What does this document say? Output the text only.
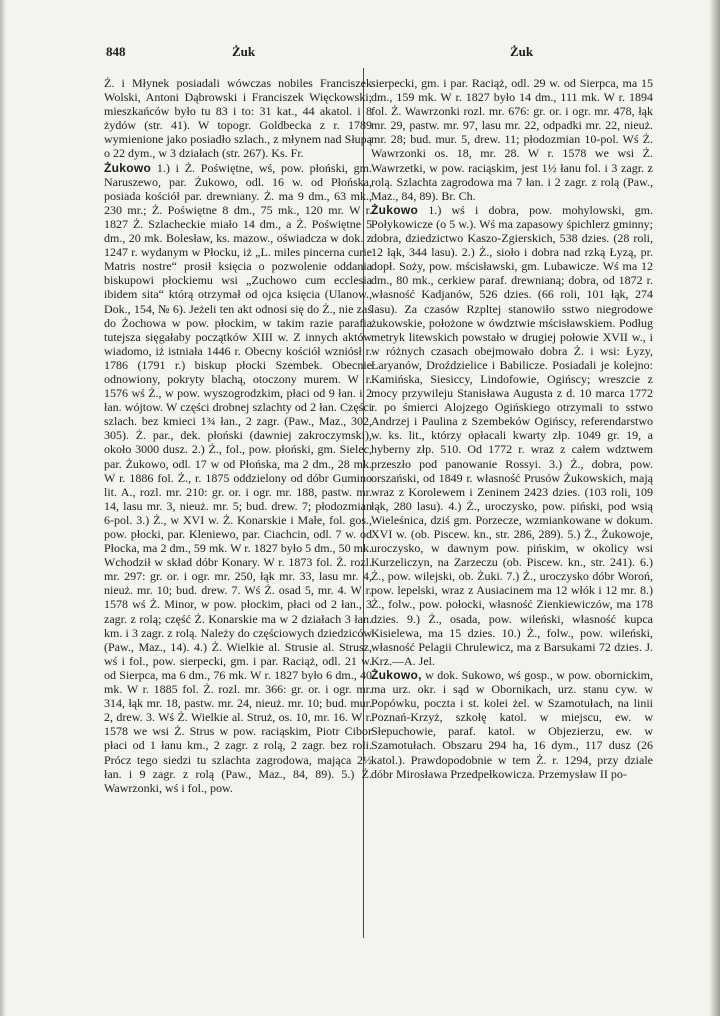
848	Żuk	Żuk

Ż. i Młynek posiadali wówczas nobiles Franciszek Wolski, Antoni Dąbrowski i Franciszek Więckowski; mieszkańców było tu 83 i to: 31 kat., 44 akatol. i 8 żydów (str. 41). W topogr. Goldbecka z r. 1789 wymienione jako posiadło szlach., z młynem nad Słupą o 22 dym., w 3 działach (str. 267). Ks. Fr.

Żukowo 1.) i Ż. Poświętne, wś, pow. płoński, gm. Naruszewo, par. Żukowo, odl. 16 w. od Płońska, posiada kościół par. drewniany. Ż. ma 9 dm., 63 mk., 230 mr.; Ż. Poświętne 8 dm., 75 mk., 120 mr. W r. 1827 Ż. Szlacheckie miało 14 dm., a Ż. Poświętne 5 dm., 20 mk. Bolesław, ks. mazow., oświadcza w dok. z 1247 r. wydanym w Płocku, iż „L. miles pincerna curie Matris nostre“ prosił księcia o pozwolenie oddania biskupowi płockiemu wsi „Zuchowo cum ecclesia ibidem sita“ którą otrzymał od ojca księcia (Ulanow., Dok., 154, № 6). Jeżeli ten akt odnosi się do Ż., nie zaś do Żochowa w pow. płockim, w takim razie parafia tutejsza sięgałaby początków XIII w. Z innych aktów wiadomo, iż istniała 1446 r. Obecny kościół wzniósł r. 1786 (1791 r.) biskup płocki Szembek. Obecnie odnowiony, pokryty blachą, otoczony murem. W r. 1576 wś Ż., w pow. wyszogrodzkim, płaci od 9 łan. i 2 łan. wójtow. W części drobnej szlachty od 2 łan. Części szlach. bez kmieci 1¾ łan., 2 zagr. (Paw., Maz., 302, 305). Ż. par., dek. płoński (dawniej zakroczymski), około 3000 dusz. 2.) Ż., fol., pow. płoński, gm. Sielec, par. Żukowo, odl. 17 w od Płońska, ma 2 dm., 28 mk. W r. 1886 fol. Ż., r. 1875 oddzielony od dóbr Gumino lit. A., rozl. mr. 210: gr. or. i ogr. mr. 188, pastw. mr. 14, lasu mr. 3, nieuż. mr. 5; bud. drew. 7; płodozmian 6-pol. 3.) Ż., w XVI w. Ż. Konarskie i Małe, fol. gos., pow. płocki, par. Kleniewo, par. Ciachcin, odl. 7 w. od Płocka, ma 2 dm., 59 mk. W r. 1827 było 5 dm., 50 mk. Wchodził w skład dóbr Konary. W r. 1873 fol. Ż. rozl. mr. 297: gr. or. i ogr. mr. 250, łąk mr. 33, lasu mr. 4, nieuż. mr. 10; bud. drew. 7. Wś Ż. osad 5, mr. 4. W r. 1578 wś Ż. Minor, w pow. płockim, płaci od 2 łan., 3 zagr. z rolą; część Ż. Konarskie ma w 2 działach 3 łan. km. i 3 zagr. z rolą. Należy do częściowych dziedziców (Paw., Maz., 14). 4.) Ż. Wielkie al. Strusie al. Strusz, wś i fol., pow. sierpecki, gm. i par. Raciąż, odl. 21 w. od Sierpca, ma 6 dm., 76 mk. W r. 1827 było 6 dm., 40 mk. W r. 1885 fol. Ż. rozl. mr. 366: gr. or. i ogr. mr. 314, łąk mr. 18, pastw. mr. 24, nieuż. mr. 10; bud. mur. 2, drew. 3. Wś Ż. Wielkie al. Struż, os. 10, mr. 16. W r. 1578 we wsi Ż. Strus w pow. raciąskim, Piotr Cibor płaci od 1 łanu km., 2 zagr. z rolą, 2 zagr. bez roli. Prócz tego siedzi tu szlachta zagrodowa, mająca 2½ łan. i 9 zagr. z rolą (Paw., Maz., 84, 89). 5.) Ż. Wawrzonki, wś i fol., pow.

sierpecki, gm. i par. Raciąż, odl. 29 w. od Sierpca, ma 15 dm., 159 mk. W r. 1827 było 14 dm., 111 mk. W r. 1894 fol. Ż. Wawrzonki rozl. mr. 676: gr. or. i ogr. mr. 478, łąk mr. 29, pastw. mr. 97, lasu mr. 22, odpadki mr. 22, nieuż. mr. 28; bud. mur. 5, drew. 11; płodozmian 10-pol. Wś Ż. Wawrzonki os. 18, mr. 28. W r. 1578 we wsi Ż. Wawrzetki, w pow. raciąskim, jest 1½ łanu fol. i 3 zagr. z rolą. Szlachta zagrodowa ma 7 łan. i 2 zagr. z rolą (Paw., Maz., 84, 89). Br. Ch.

Żukowo 1.) wś i dobra, pow. mohylowski, gm. Połykowicze (o 5 w.). Wś ma zapasowy śpichlerz gminny; dobra, dziedzictwo Kaszo-Zgierskich, 538 dzies. (28 roli, 12 łąk, 344 lasu). 2.) Ż., sioło i dobra nad rzką Łyzą, pr. dopł. Soży, pow. mścisławski, gm. Lubawicze. Wś ma 12 dm., 80 mk., cerkiew paraf. drewnianą; dobra, od 1872 r. własność Kadjanów, 526 dzies. (66 roli, 101 łąk, 274 lasu). Za czasów Rzpltej stanowiło sstwo niegrodowe żukowskie, położone w ówdztwie mścisławskiem. Podług metryk litewskich powstało w drugiej połowie XVII w., i w różnych czasach obejmowało dobra Ż. i wsi: Łyzy, Łaryanów, Droździelice i Babilicze. Posiadali je kolejno: Kamińska, Siesiccy, Lindofowie, Ogińscy; wreszcie z mocy przywileju Stanisława Augusta z d. 10 marca 1772 r. po śmierci Alojzego Ogińskiego otrzymali to sstwo Andrzej i Paulina z Szembeków Ogińscy, referendarstwo w. ks. lit., którzy opłacali kwarty złp. 1049 gr. 19, a hyberny złp. 510. Od 1772 r. wraz z całem wdztwem przeszło pod panowanie Rossyi. 3.) Ż., dobra, pow. orszański, od 1849 r. własność Prusów Żukowskich, mają wraz z Korolewem i Zeninem 2423 dzies. (103 roli, 109 łąk, 280 lasu). 4.) Ż., uroczysko, pow. piński, pod wsią Wieleśnica, dziś gm. Porzecze, wzmiankowane w dokum. XVI w. (ob. Piscew. kn., str. 286, 289). 5.) Ż., Żukowoje, uroczysko, w dawnym pow. pińskim, w okolicy wsi Kurzeliczyn, na Zarzeczu (ob. Piscew. kn., str. 241). 6.) Ż., pow. wilejski, ob. Żuki. 7.) Ż., uroczysko dóbr Woroń, pow. lepelski, wraz z Ausiacinem ma 12 włók i 12 mr. 8.) Ż., folw., pow. połocki, własność Zienkiewiczów, ma 178 dzies. 9.) Ż., osada, pow. wileński, własność kupca Kisielewa, ma 15 dzies. 10.) Ż., folw., pow. wileński, własność Pelagii Chrulewicz, ma z Barsukami 72 dzies. J. Krz.—A. Jel.

Żukowo, w dok. Sukowo, wś gosp., w pow. obornickim, ma urz. okr. i sąd w Obornikach, urz. stanu cyw. w Popówku, poczta i st. kolei żel. w Szamotułach, na linii Poznań-Krzyż, szkołę katol. w miejscu, ew. w Słepuchowie, paraf. katol. w Objezierzu, ew. w Szamotułach. Obszaru 294 ha, 16 dym., 117 dusz (26 katol.). Prawdopodobnie w tem Ż. r. 1294, przy dziale dóbr Mirosława Przedpełkowicza. Przemysław II po-
